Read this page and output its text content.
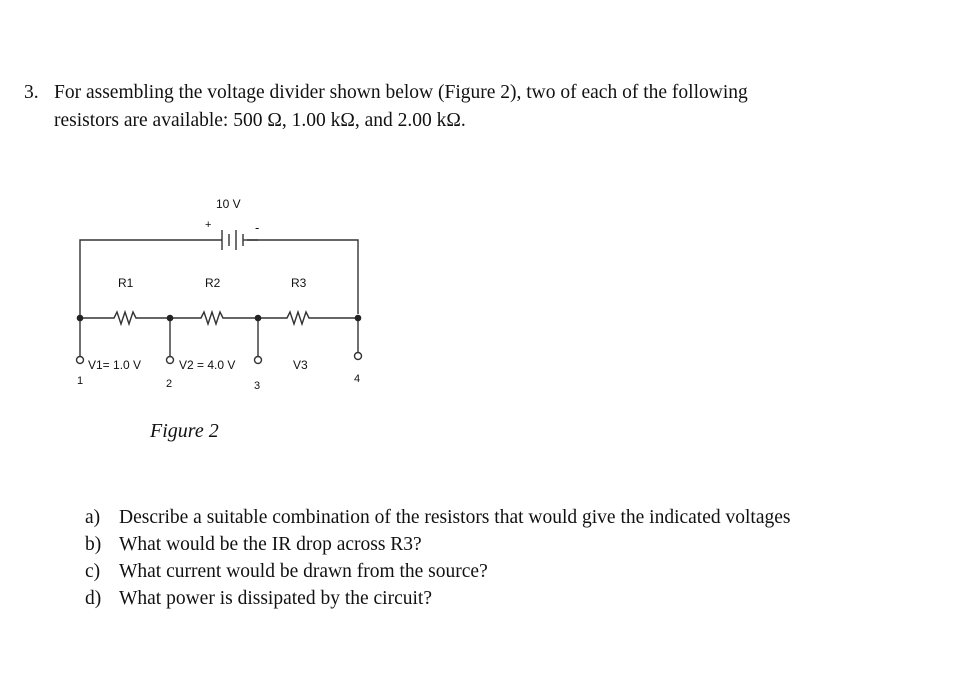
3. For assembling the voltage divider shown below (Figure 2), two of each of the following
resistors are available: 500 Ω, 1.00 kΩ, and 2.00 kΩ.
10 V
+	-
R1	R2	R3
V1= 1.0 V	V2 = 4.0 V	V3
1	2	3
4
Figure 2
a) Describe a suitable combination of the resistors that would give the indicated voltages
b) What would be the IR drop across R3?
c) What current would be drawn from the source?
d) What power is dissipated by the circuit?
